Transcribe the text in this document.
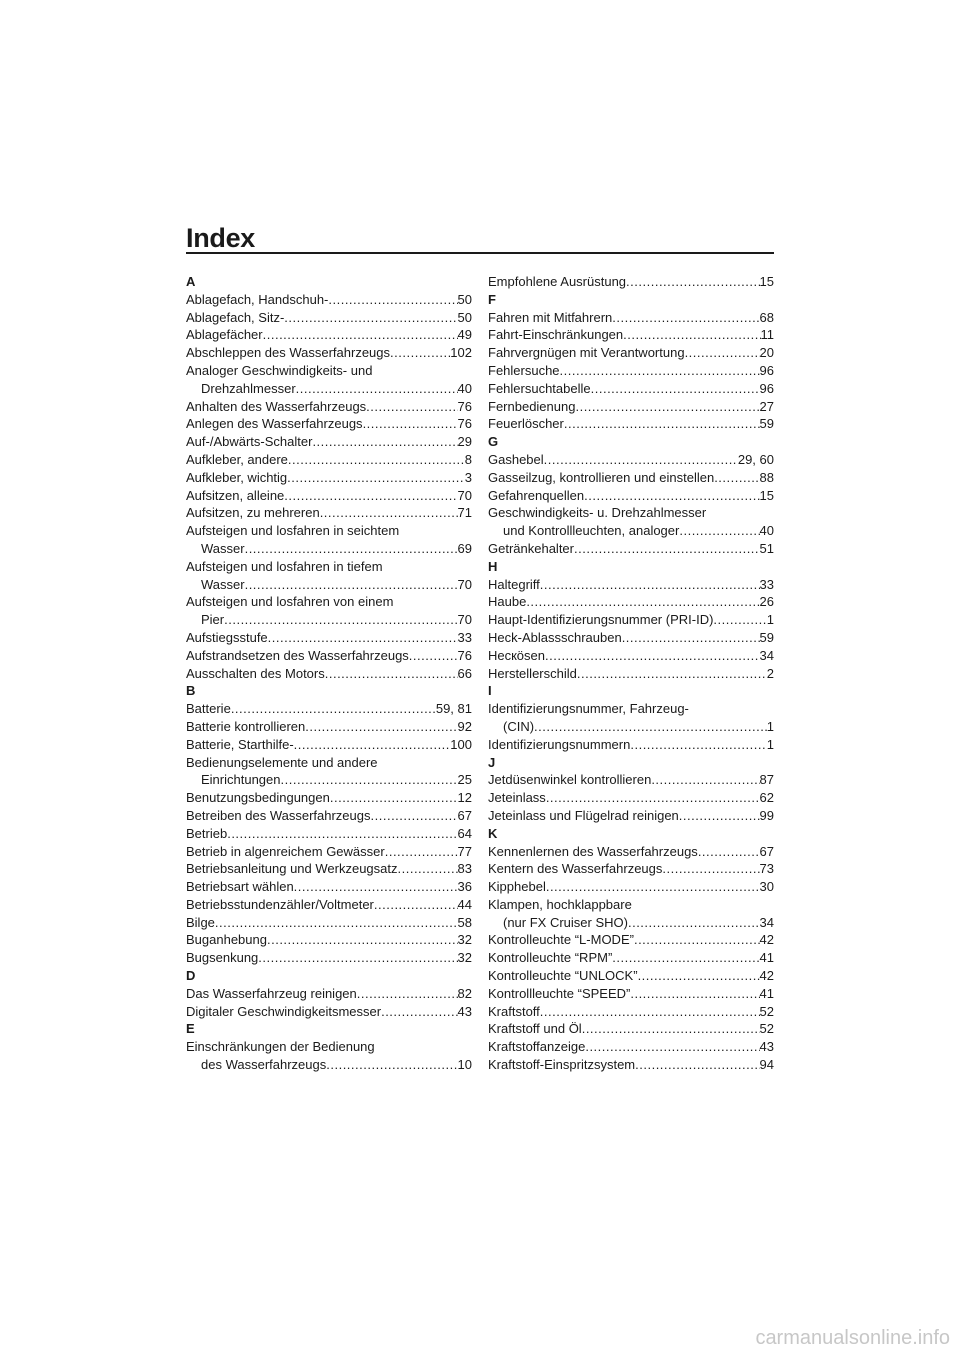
Index
A
Ablagefach, Handschuh- .....	50
Ablagefach, Sitz- .....	50
Ablagefächer .....	49
Abschleppen des Wasserfahrzeugs .....	102
Analoger Geschwindigkeits- und
Drehzahlmesser .....	40
Anhalten des Wasserfahrzeugs .....	76
Anlegen des Wasserfahrzeugs .....	76
Auf-/Abwärts-Schalter .....	29
Aufkleber, andere .....	8
Aufkleber, wichtig .....	3
Aufsitzen, alleine .....	70
Aufsitzen, zu mehreren .....	71
Aufsteigen und losfahren in seichtem
Wasser .....	69
Aufsteigen und losfahren in tiefem
Wasser .....	70
Aufsteigen und losfahren von einem
Pier .....	70
Aufstiegsstufe .....	33
Aufstrandsetzen des Wasserfahrzeugs .....	76
Ausschalten des Motors .....	66
B
Batterie .....	59, 81
Batterie kontrollieren .....	92
Batterie, Starthilfe- .....	100
Bedienungselemente und andere
Einrichtungen .....	25
Benutzungsbedingungen .....	12
Betreiben des Wasserfahrzeugs .....	67
Betrieb .....	64
Betrieb in algenreichem Gewässer .....	77
Betriebsanleitung und Werkzeugsatz .....	83
Betriebsart wählen .....	36
Betriebsstundenzähler/Voltmeter .....	44
Bilge .....	58
Buganhebung .....	32
Bugsenkung .....	32
D
Das Wasserfahrzeug reinigen .....	82
Digitaler Geschwindigkeitsmesser .....	43
E
Einschränkungen der Bedienung
des Wasserfahrzeugs .....	10
Empfohlene Ausrüstung .....	15
F
Fahren mit Mitfahrern .....	68
Fahrt-Einschränkungen .....	11
Fahrvergnügen mit Verantwortung .....	20
Fehlersuche .....	96
Fehlersuchtabelle .....	96
Fernbedienung .....	27
Feuerlöscher .....	59
G
Gashebel .....	29, 60
Gasseilzug, kontrollieren und einstellen .....	88
Gefahrenquellen .....	15
Geschwindigkeits- u. Drehzahlmesser
und Kontrollleuchten, analoger .....	40
Getränkehalter .....	51
H
Haltegriff .....	33
Haube .....	26
Haupt-Identifizierungsnummer (PRI-ID) .....	1
Heck-Ablassschrauben .....	59
Hecкösen .....	34
Herstellerschild .....	2
I
Identifizierungsnummer, Fahrzeug-
(CIN) .....	1
Identifizierungsnummern .....	1
J
Jetdüsenwinkel kontrollieren .....	87
Jeteinlass .....	62
Jeteinlass und Flügelrad reinigen .....	99
K
Kennenlernen des Wasserfahrzeugs .....	67
Kentern des Wasserfahrzeugs .....	73
Kipphebel .....	30
Klampen, hochklappbare
(nur FX Cruiser SHO) .....	34
Kontrolleuchte “L-MODE” .....	42
Kontrolleuchte “RPM” .....	41
Kontrolleuchte “UNLOCK” .....	42
Kontrollleuchte “SPEED” .....	41
Kraftstoff .....	52
Kraftstoff und Öl .....	52
Kraftstoffanzeige .....	43
Kraftstoff-Einspritzsystem .....	94
carmanualsonline.info
